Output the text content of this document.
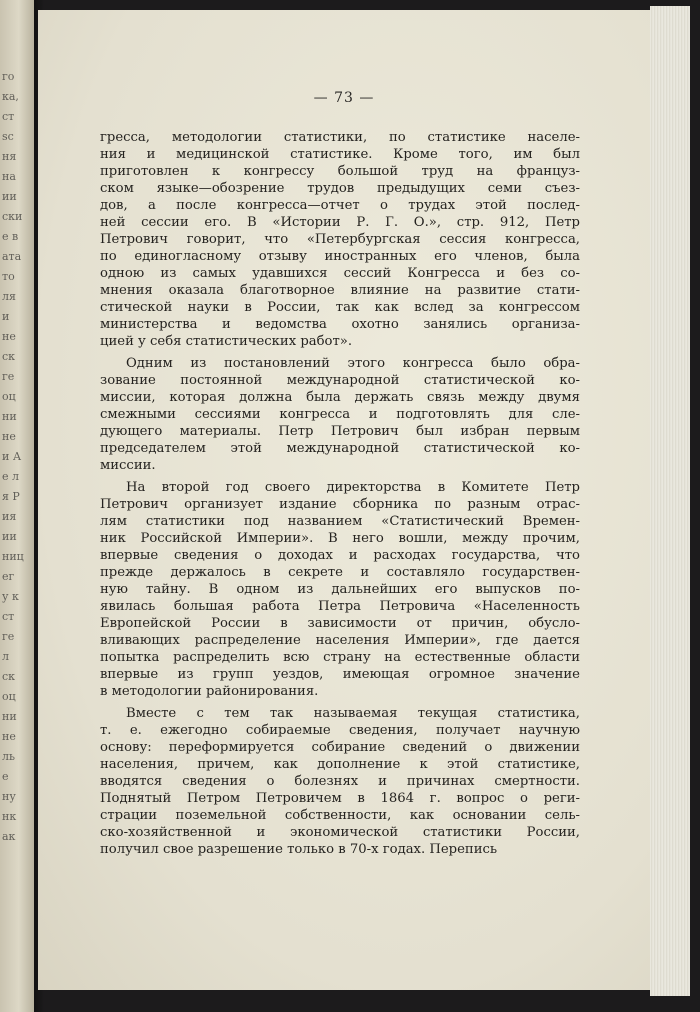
го
ка,
ст
sc
ня
на
ии
ски
е в
ата
то
ля
и
не
ск
ге
оц
ни
не
и А
е л
я Р
ия
ии
ниц
ег
у к
ст
ге
л
ск
оц
ни
не
ль
е
ну
нк
ак
— 73 —
гресса, методологии статистики, по статистике населе-
ния и медицинской статистике. Кроме того, им был
приготовлен к конгрессу большой труд на француз-
ском языке—обозрение трудов предыдущих семи съез-
дов, а после конгресса—отчет о трудах этой послед-
ней сессии его. В «Истории Р. Г. О.», стр. 912, Петр
Петрович говорит, что «Петербургская сессия конгресса,
по единогласному отзыву иностранных его членов, была
одною из самых удавшихся сессий Конгресса и без со-
мнения оказала благотворное влияние на развитие стати-
стической науки в России, так как вслед за конгрессом
министерства и ведомства охотно занялись организа-
цией у себя статистических работ».
Одним из постановлений этого конгресса было обра-
зование постоянной международной статистической ко-
миссии, которая должна была держать связь между двумя
смежными сессиями конгресса и подготовлять для сле-
дующего материалы. Петр Петрович был избран первым
председателем этой международной статистической ко-
миссии.
На второй год своего директорства в Комитете Петр
Петрович организует издание сборника по разным отрас-
лям статистики под названием «Статистический Времен-
ник Российской Империи». В него вошли, между прочим,
впервые сведения о доходах и расходах государства, что
прежде держалось в секрете и составляло государствен-
ную тайну. В одном из дальнейших его выпусков по-
явилась большая работа Петра Петровича «Населенность
Европейской России в зависимости от причин, обусло-
вливающих распределение населения Империи», где дается
попытка распределить всю страну на естественные области
впервые из групп уездов, имеющая огромное значение
в методологии районирования.
Вместе с тем так называемая текущая статистика,
т. е. ежегодно собираемые сведения, получает научную
основу: переформируется собирание сведений о движении
населения, причем, как дополнение к этой статистике,
вводятся сведения о болезнях и причинах смертности.
Поднятый Петром Петровичем в 1864 г. вопрос о реги-
страции поземельной собственности, как основании сель-
ско-хозяйственной и экономической статистики России,
получил свое разрешение только в 70-х годах. Перепись
